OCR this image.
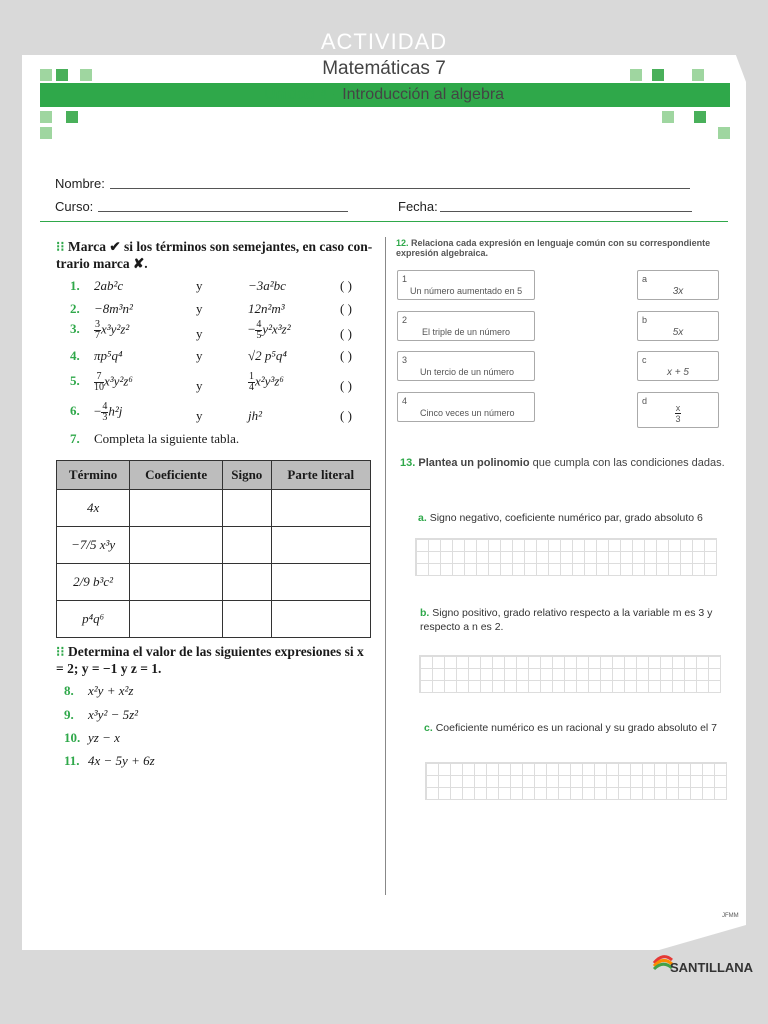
ACTIVIDAD
Matemáticas 7
Unidad 4 - Introducción al algebra
Nombre:
Curso:	Fecha:
⁝⁝ Marca ✔ si los términos son semejantes, en caso con-trario marca ✘.
1. 2ab²c	y	−3a²bc	( )
2. −8m³n²	y	12n²m³	( )
3. $\frac{3}{7}x^3y^2z^2$	y	− $\frac{4}{5}y^2x^3z^2$	( )
4. πp⁵q⁴	y	√2 p⁵q⁴	( )
5. $\frac{7}{10}x^3y^2z^6$	y	$\frac{1}{4}x^2y^3z^6$	( )
6. − $\frac{4}{3}h^2j$	y	jh²	( )
7. Completa la siguiente tabla.
Término	Coeficiente	Signo	Parte literal
4x			
−7/5 x³y			
2/9 b³c²			
p⁴q⁶			
⁝⁝ Determina el valor de las siguientes expresiones si x = 2; y = −1 y z = 1.
8. x²y + x²z
9. x³y² − 5z²
10. yz − x
11. 4x − 5y + 6z
12. Relaciona cada expresión en lenguaje común con su correspondiente expresión algebraica.
1
Un número aumentado en 5
2
El triple de un número
3
Un tercio de un número
4
Cinco veces un número
a
3x
b
5x
c
x + 5
d
$\frac{x}{3}$
13. Plantea un polinomio que cumpla con las condiciones dadas.
a. Signo negativo, coeficiente numérico par, grado absoluto 6
b. Signo positivo, grado relativo respecto a la variable m es 3 y respecto a n es 2.
c. Coeficiente numérico es un racional y su grado absoluto el 7
JFMM
SANTILLANA
